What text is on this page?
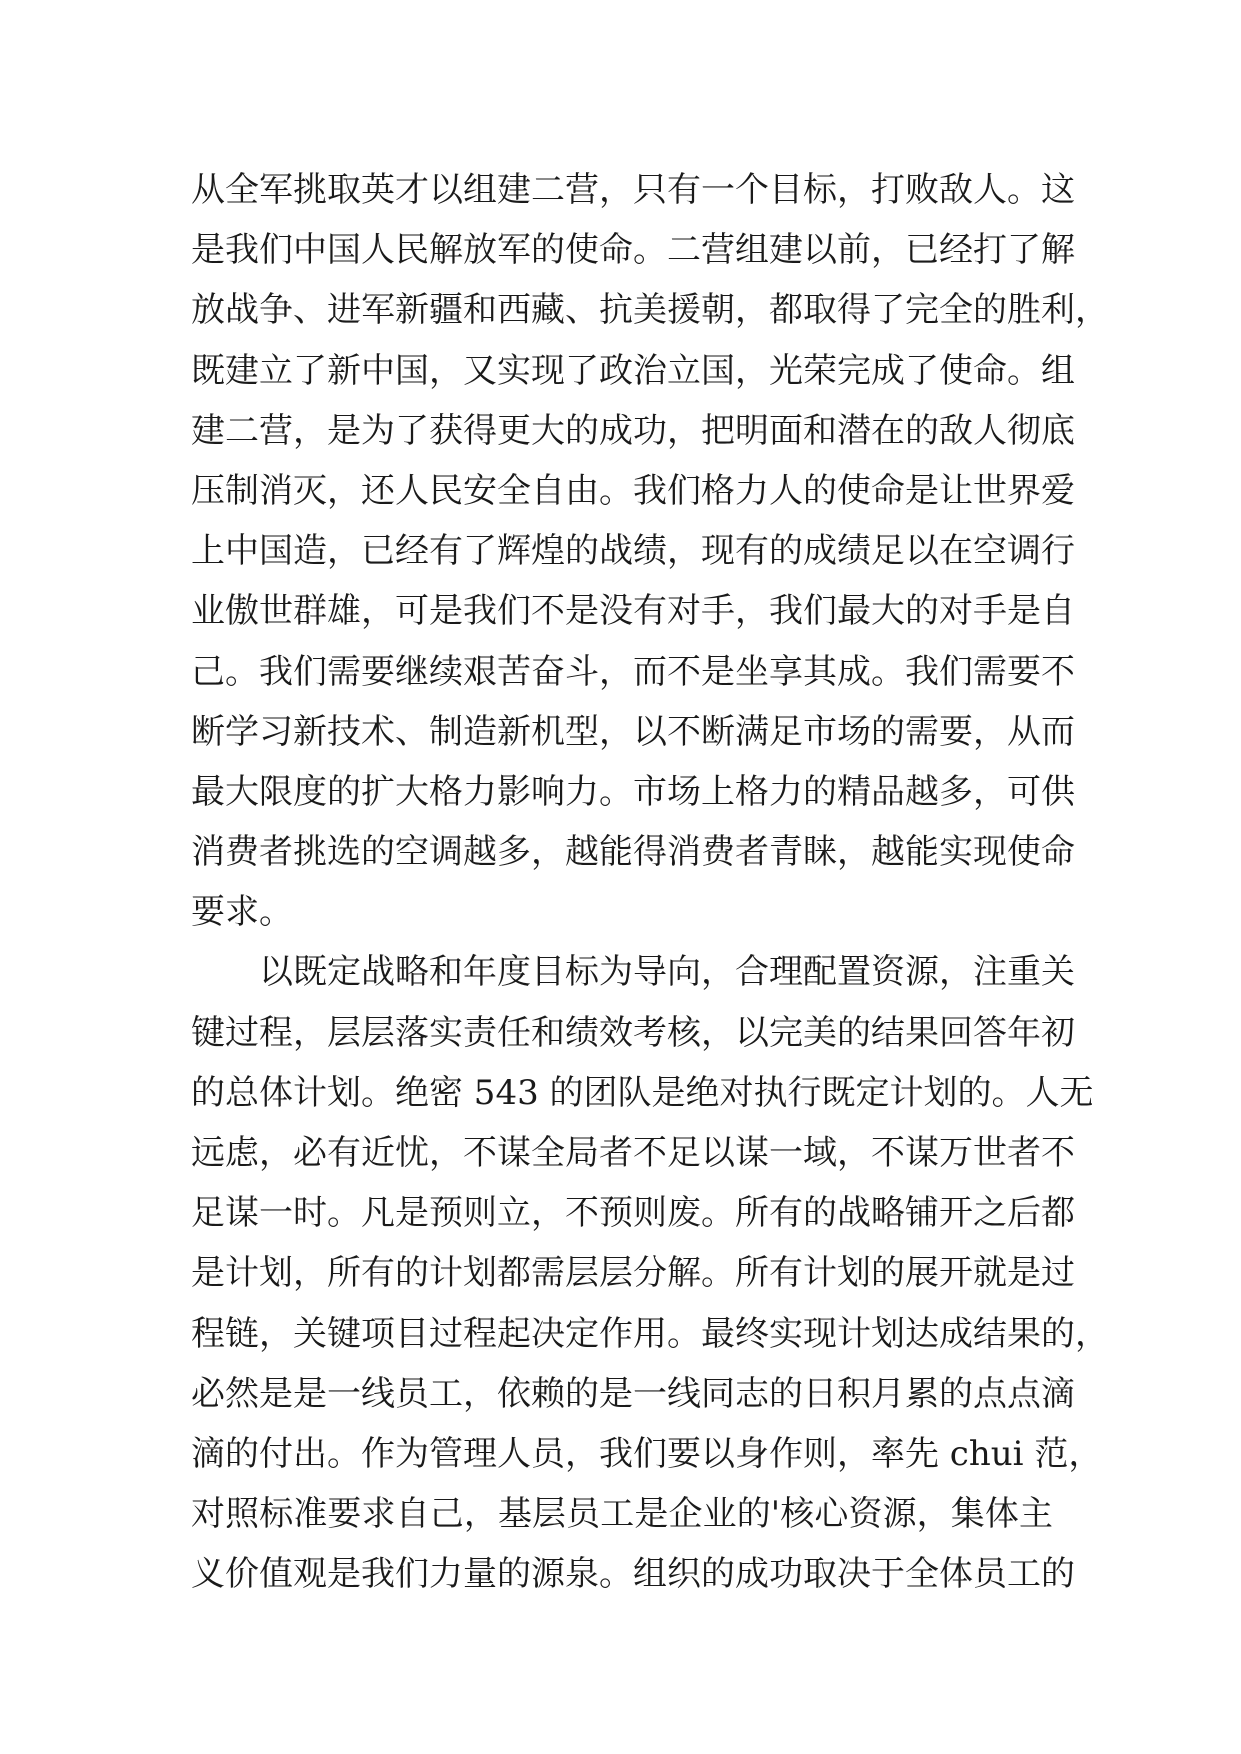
从全军挑取英才以组建二营，只有一个目标，打败敌人。这
是我们中国人民解放军的使命。二营组建以前，已经打了解
放战争、进军新疆和西藏、抗美援朝，都取得了完全的胜利，
既建立了新中国，又实现了政治立国，光荣完成了使命。组
建二营，是为了获得更大的成功，把明面和潜在的敌人彻底
压制消灭，还人民安全自由。我们格力人的使命是让世界爱
上中国造，已经有了辉煌的战绩，现有的成绩足以在空调行
业傲世群雄，可是我们不是没有对手，我们最大的对手是自
己。我们需要继续艰苦奋斗，而不是坐享其成。我们需要不
断学习新技术、制造新机型，以不断满足市场的需要，从而
最大限度的扩大格力影响力。市场上格力的精品越多，可供
消费者挑选的空调越多，越能得消费者青睐，越能实现使命
要求。
以既定战略和年度目标为导向，合理配置资源，注重关
键过程，层层落实责任和绩效考核，以完美的结果回答年初
的总体计划。绝密 543 的团队是绝对执行既定计划的。人无
远虑，必有近忧，不谋全局者不足以谋一域，不谋万世者不
足谋一时。凡是预则立，不预则废。所有的战略铺开之后都
是计划，所有的计划都需层层分解。所有计划的展开就是过
程链，关键项目过程起决定作用。最终实现计划达成结果的，
必然是是一线员工，依赖的是一线同志的日积月累的点点滴
滴的付出。作为管理人员，我们要以身作则，率先 chui 范，
对照标准要求自己，基层员工是企业的'核心资源，集体主
义价值观是我们力量的源泉。组织的成功取决于全体员工的
